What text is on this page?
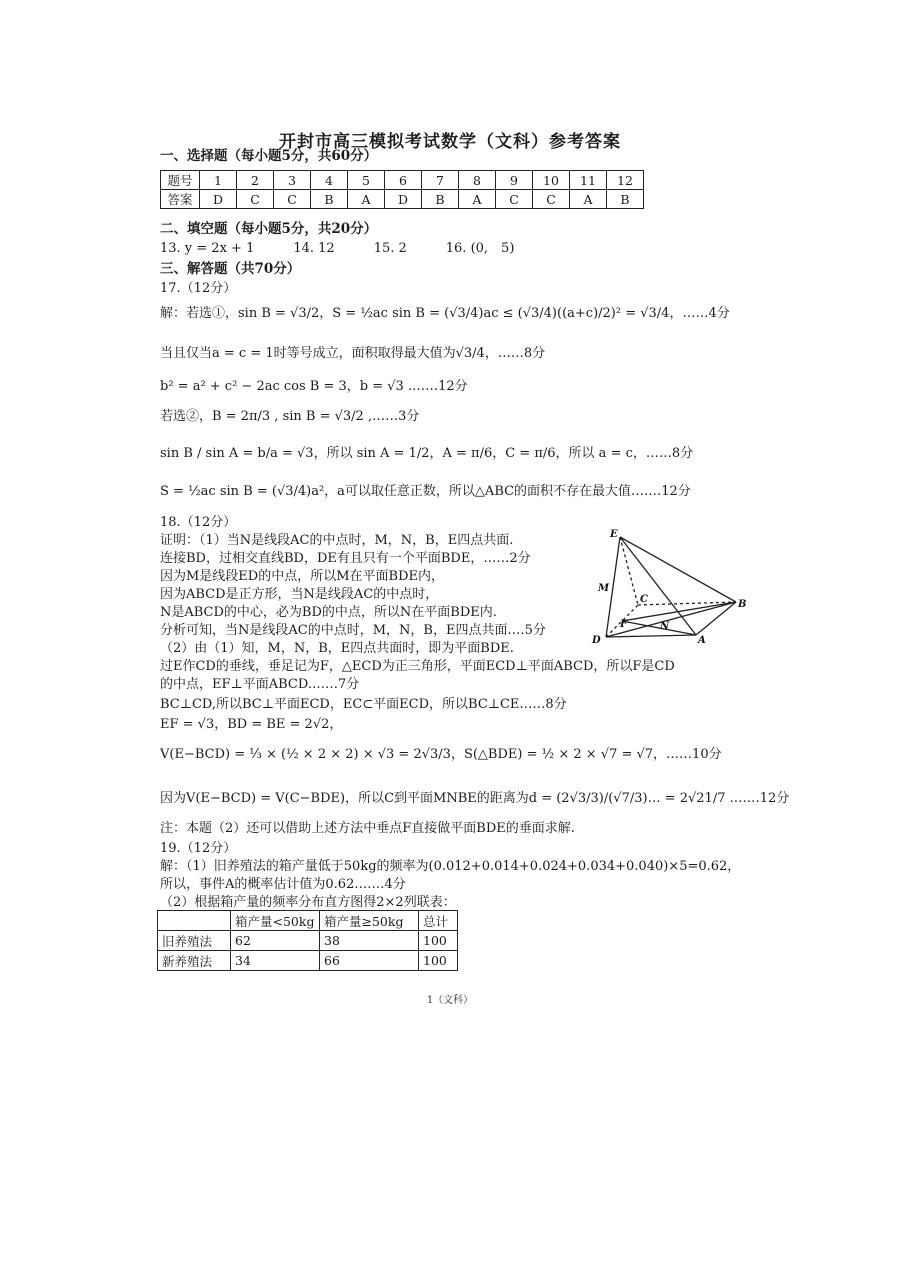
开封市高三模拟考试数学（文科）参考答案
一、选择题（每小题5分，共60分）
题号	1	2	3	4	5	6	7	8	9	10	11	12
答案	D	C	C	B	A	D	B	A	C	C	A	B
二、填空题（每小题5分，共20分）
13. y = 2x + 1　　　14. 12　　　15. 2　　　16. (0,　5)
三、解答题（共70分）
17.（12分）
解：若选①，sin B = √3/2，S = ½ac sin B = (√3/4)ac ≤ (√3/4)((a+c)/2)² = √3/4，……4分
当且仅当a = c = 1时等号成立，面积取得最大值为√3/4，……8分
b² = a² + c² − 2ac cos B = 3，b = √3 .……12分
若选②，B = 2π/3 , sin B = √3/2 ,……3分
sin B / sin A = b/a = √3，所以 sin A = 1/2，A = π/6，C = π/6，所以 a = c，……8分
S = ½ac sin B = (√3/4)a²，a可以取任意正数，所以△ABC的面积不存在最大值.……12分
18.（12分）
证明：（1）当N是线段AC的中点时，M，N，B，E四点共面.
连接BD，过相交直线BD，DE有且只有一个平面BDE，……2分
因为M是线段ED的中点，所以M在平面BDE内，
因为ABCD是正方形，当N是线段AC的中点时，
N是ABCD的中心，必为BD的中点，所以N在平面BDE内.
分析可知，当N是线段AC的中点时，M，N，B，E四点共面.…5分
（2）由（1）知，M，N，B，E四点共面时，即为平面BDE.
过E作CD的垂线，垂足记为F，△ECD为正三角形，平面ECD⊥平面ABCD，所以F是CD
的中点，EF⊥平面ABCD.……7分
BC⊥CD,所以BC⊥平面ECD，EC⊂平面ECD，所以BC⊥CE……8分
EF = √3，BD = BE = 2√2，
V(E−BCD) = ⅓ × (½ × 2 × 2) × √3 = 2√3/3，S(△BDE) = ½ × 2 × √7 = √7，……10分
因为V(E−BCD) = V(C−BDE)，所以C到平面MNBE的距离为d = (2√3/3)/(√7/3)… = 2√21/7 .……12分
注：本题（2）还可以借助上述方法中垂点F直接做平面BDE的垂面求解.
19.（12分）
解：（1）旧养殖法的箱产量低于50kg的频率为(0.012+0.014+0.024+0.034+0.040)×5=0.62，
所以，事件A的概率估计值为0.62.……4分
（2）根据箱产量的频率分布直方图得2×2列联表：
	箱产量<50kg	箱产量≥50kg	总计
旧养殖法	62	38	100
新养殖法	34	66	100
E
M
C
F
B
D
N
A
1（文科）
